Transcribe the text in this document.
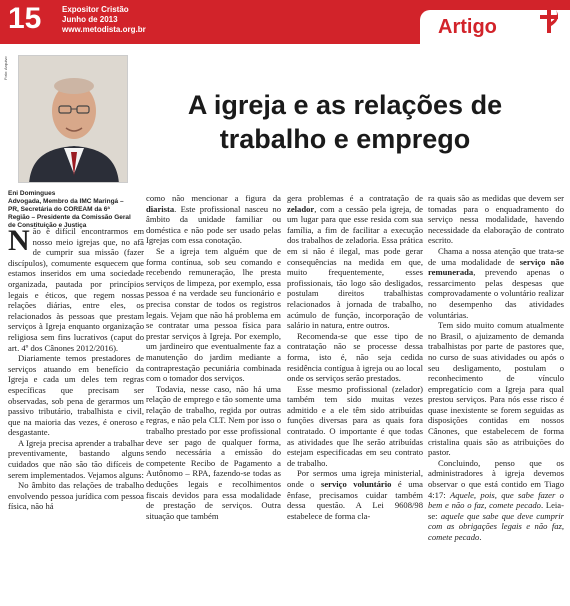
15	Expositor Cristão
Junho de 2013
www.metodista.org.br	Artigo
Foto: Arquivo
A igreja e as relações de
trabalho e emprego
Eni Domingues
Advogada, Membro da IMC Maringá – PR, Secretária do COREAM da 6ª Região – Presidente da Comissão Geral de Constituição e Justiça

Não é difícil encontrarmos em nosso meio igrejas que, no afã de cumprir sua missão (fazer discípulos), comumente esquecem que estamos inseridos em uma sociedade organizada, pautada por princípios legais e éticos, que regem nossas relações diárias, entre eles, os relacionados às pessoas que prestam serviços à Igreja enquanto organização religiosa sem fins lucrativos (caput do art. 4º dos Cânones 2012/2016).

Diariamente temos prestadores de serviços atuando em benefício da Igreja e cada um deles tem regras específicas que precisam ser observadas, sob pena de gerarmos um passivo tributário, trabalhista e civil, que na maioria das vezes, é oneroso e desgastante.

A Igreja precisa aprender a trabalhar preventivamente, bastando alguns cuidados que não são tão difíceis de serem implementados. Vejamos alguns:

No âmbito das relações de trabalho envolvendo pessoa jurídica com pessoa física, não há

como não mencionar a figura da diarista. Este profissional nasceu no âmbito da unidade familiar ou doméstica e não pode ser usado pelas Igrejas com essa conotação.

Se a igreja tem alguém que de forma contínua, sob seu comando e recebendo remuneração, lhe presta serviços de limpeza, por exemplo, essa pessoa é na verdade seu funcionário e precisa constar de todos os registros legais. Vejam que não há problema em se contratar uma pessoa física para prestar serviços à Igreja. Por exemplo, um jardineiro que eventualmente faz a manutenção do jardim mediante a contraprestação pecuniária combinada com o tomador dos serviços.

Todavia, nesse caso, não há uma relação de emprego e tão somente uma relação de trabalho, regida por outras regras, e não pela CLT. Nem por isso o trabalho prestado por esse profissional deve ser pago de qualquer forma, sendo necessária a emissão do competente Recibo de Pagamento a Autônomo – RPA, fazendo-se todas as deduções legais e recolhimentos fiscais devidos para essa modalidade de prestação de serviços. Outra situação que também

gera problemas é a contratação de zelador, com a cessão pela igreja, de um lugar para que esse resida com sua família, a fim de facilitar a execução dos trabalhos de zeladoria. Essa prática em si não é ilegal, mas pode gerar consequências na medida em que, muito frequentemente, esses profissionais, tão logo são desligados, postulam direitos trabalhistas relacionados à jornada de trabalho, acúmulo de função, incorporação de salário in natura, entre outros.

Recomenda-se que esse tipo de contratação não se processe dessa forma, isto é, não seja cedida residência contígua à igreja ou ao local onde os serviços serão prestados.

Esse mesmo profissional (zelador) também tem sido muitas vezes admitido e a ele têm sido atribuídas funções diversas para as quais fora contratado. O importante é que todas as atividades que lhe serão atribuídas estejam especificadas em seu contrato de trabalho.

Por sermos uma igreja ministerial, onde o serviço voluntário é uma ênfase, precisamos cuidar também dessa questão. A Lei 9608/98 estabelece de forma cla-

ra quais são as medidas que devem ser tomadas para o enquadramento do serviço nessa modalidade, havendo necessidade da elaboração de contrato escrito.

Chama a nossa atenção que trata-se de uma modalidade de serviço não remunerada, prevendo apenas o ressarcimento pelas despesas que comprovadamente o voluntário realizar no desempenho das atividades voluntárias.

Tem sido muito comum atualmente no Brasil, o ajuizamento de demanda trabalhistas por parte de pastores que, no curso de suas atividades ou após o seu desligamento, postulam o reconhecimento de vínculo empregatício com a Igreja para qual prestou serviços. Para nós esse risco é quase inexistente se forem seguidas as disposições contidas em nossos Cânones, que estabelecem de forma cristalina quais são as atribuições do pastor.

Concluindo, penso que os administradores à igreja devemos observar o que está contido em Tiago 4:17: Aquele, pois, que sabe fazer o bem e não o faz, comete pecado. Leia-se: aquele que sabe que deve cumprir com as obrigações legais e não faz, comete pecado.
